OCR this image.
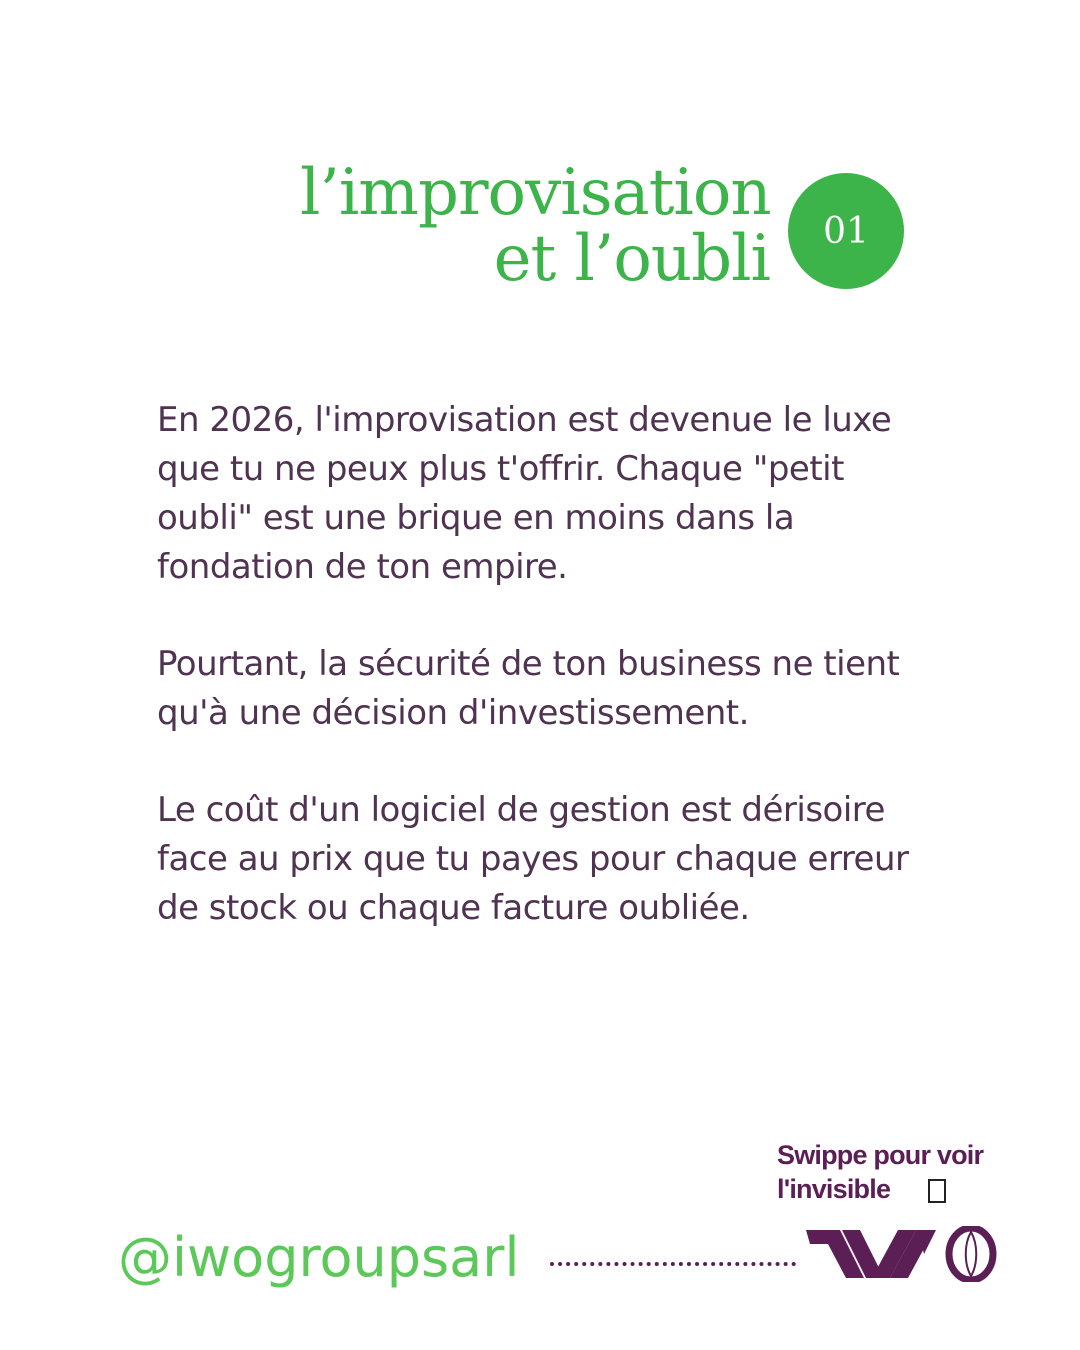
l’improvisation
et l’oubli 01

En 2026, l'improvisation est devenue le luxe que tu ne peux plus t'offrir. Chaque "petit oubli" est une brique en moins dans la fondation de ton empire.

Pourtant, la sécurité de ton business ne tient qu'à une décision d'investissement.

Le coût d'un logiciel de gestion est dérisoire face au prix que tu payes pour chaque erreur de stock ou chaque facture oubliée.

Swippe pour voir
l'invisible
@iwogroupsarl
